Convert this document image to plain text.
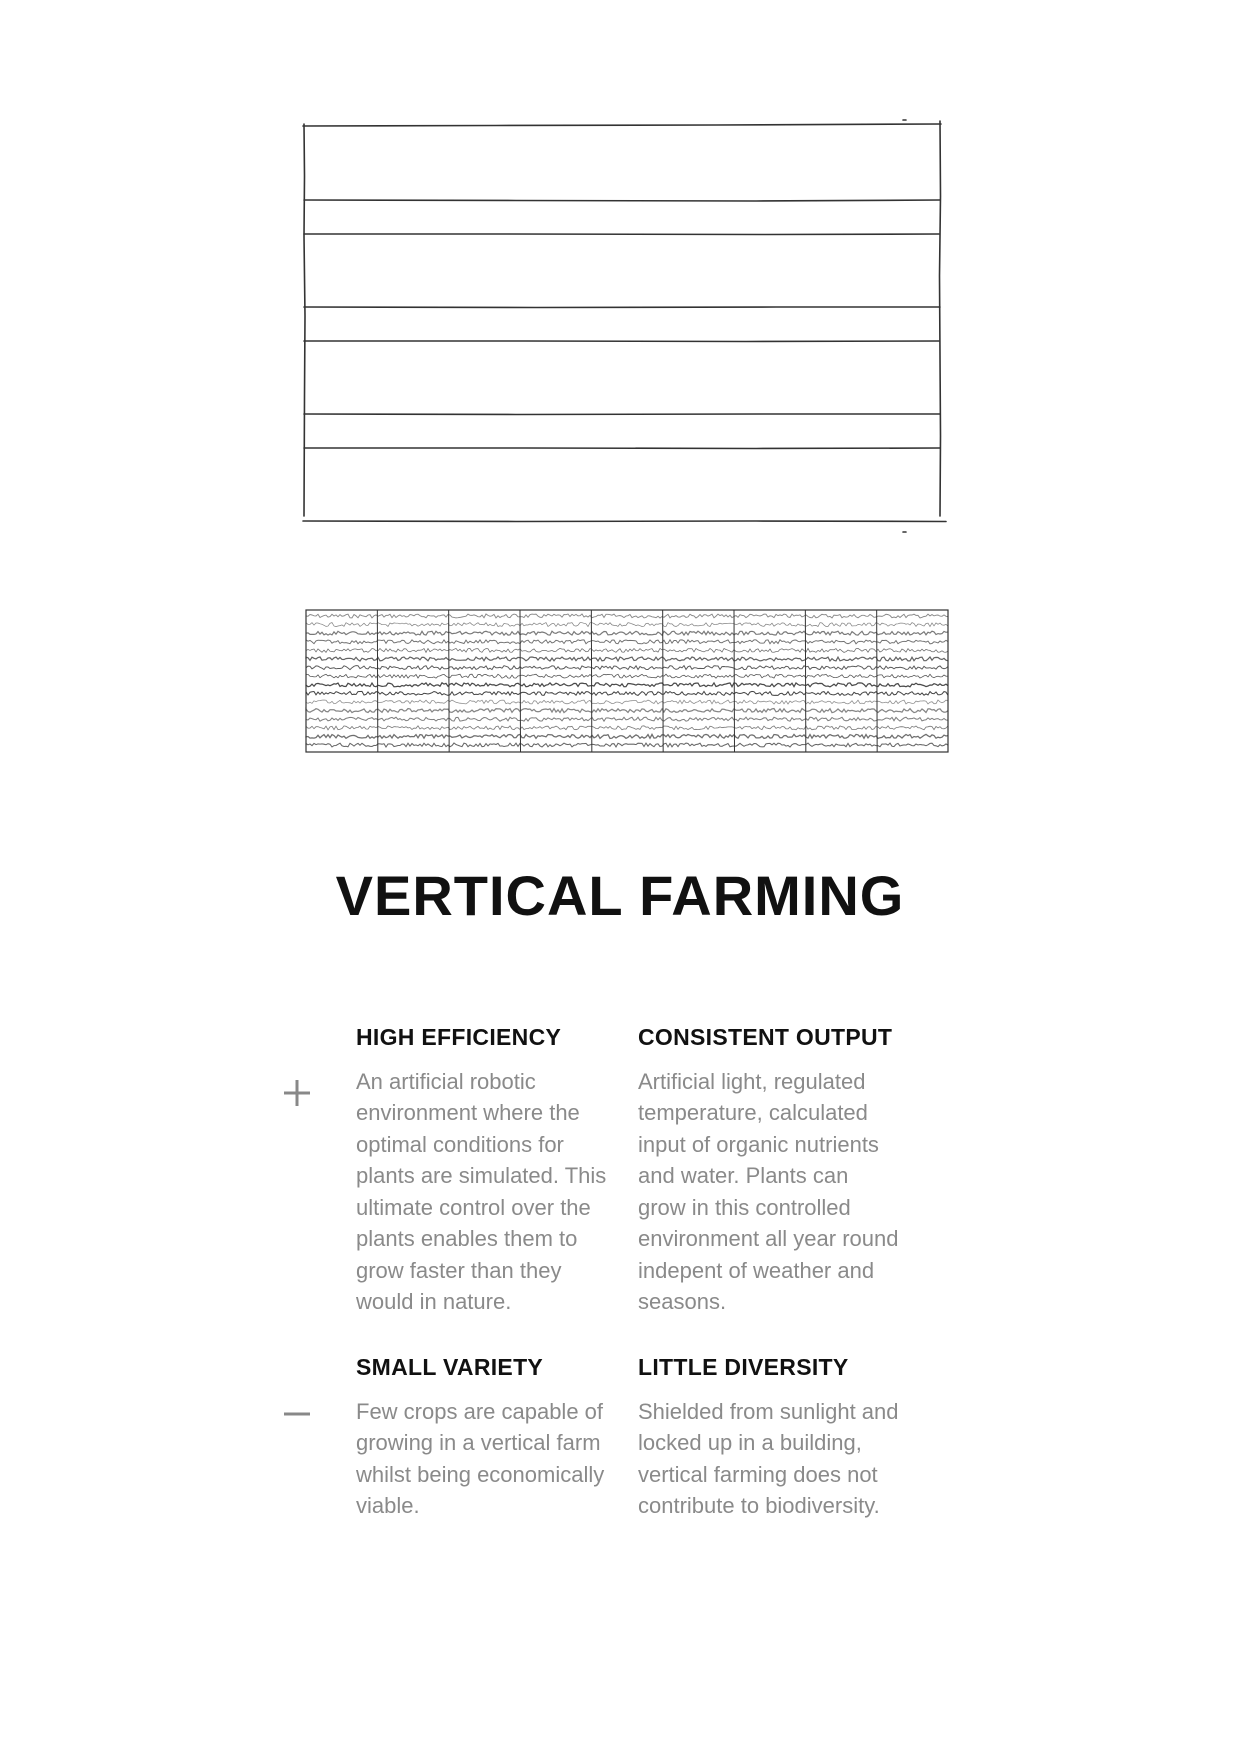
VERTICAL FARMING
HIGH EFFICIENCY

An artificial robotic environment where the optimal conditions for plants are simulated. This ultimate control over the plants enables them to grow faster than they would in nature.

CONSISTENT OUTPUT

Artificial light, regulated temperature, calculated input of organic nutrients and water. Plants can grow in this controlled environment all year round indepent of weather and seasons.

SMALL VARIETY

Few crops are capable of growing in a vertical farm whilst being economically viable.

LITTLE DIVERSITY

Shielded from sunlight and locked up in a building, vertical farming does not contribute to biodiversity.
